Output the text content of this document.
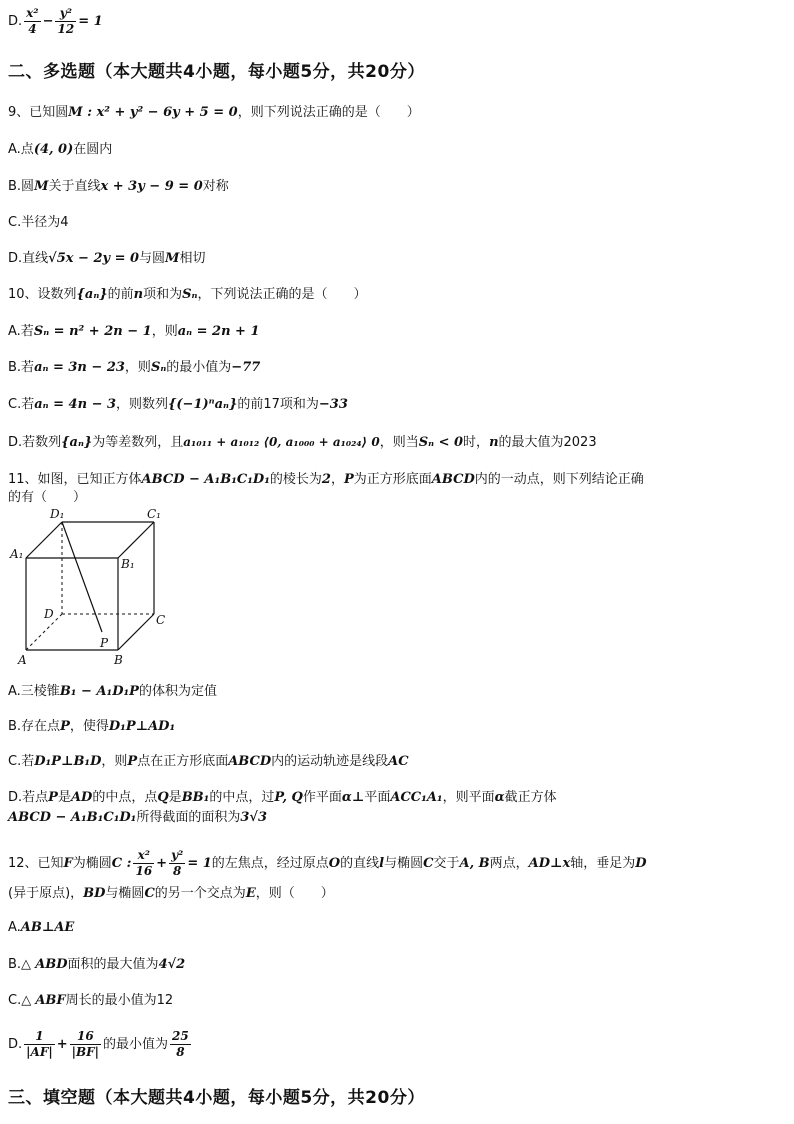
D. $\frac{\text{x²}}{4} - \frac{\text{y²}}{12} = 1$
二、多选题（本大题共4小题，每小题5分，共20分）
9、已知圆M : x² + y² − 6y + 5 = 0，则下列说法正确的是（　　）
A.点(4, 0)在圆内
B.圆M关于直线x + 3y − 9 = 0对称
C.半径为4
D.直线√5x − 2y = 0与圆M相切
10、设数列{aₙ}的前n项和为Sₙ，下列说法正确的是（　　）
A.若Sₙ = n² + 2n − 1，则aₙ = 2n + 1
B.若aₙ = 3n − 23，则Sₙ的最小值为−77
C.若aₙ = 4n − 3，则数列{(−1)ⁿaₙ}的前17项和为−33
D.若数列{aₙ}为等差数列，且a₁₀₁₁ + a₁₀₁₂ ⟨0, a₁₀₀₀ + a₁₀₂₄⟩ 0，则当Sₙ < 0时，n的最大值为2023
11、如图，已知正方体ABCD − A₁B₁C₁D₁的棱长为2，P为正方形底面ABCD内的一动点，则下列结论正确
的有（　　）
D₁	C₁
A₁
B₁
D	C
P
A	B
A.三棱锥B₁ − A₁D₁P的体积为定值
B.存在点P，使得D₁P⊥AD₁
C.若D₁P⊥B₁D，则P点在正方形底面ABCD内的运动轨迹是线段AC
D.若点P是AD的中点，点Q是BB₁的中点，过P, Q作平面α⊥平面ACC₁A₁，则平面α截正方体
ABCD − A₁B₁C₁D₁所得截面的面积为3√3
12、已知F为椭圆C : $\frac{\text{x²}}{16} + \frac{\text{y²}}{8} = 1$的左焦点，经过原点O的直线l与椭圆C交于A, B两点，AD⊥x轴，垂足为D
(异于原点)，BD与椭圆C的另一个交点为E，则（　　）
A.AB⊥AE
B.△ ABD面积的最大值为4√2
C.△ ABF周长的最小值为12
D. $\frac{1}{|AF|} + \frac{16}{|BF|}$ 的最小值为 $\frac{25}{8}$
三、填空题（本大题共4小题，每小题5分，共20分）
